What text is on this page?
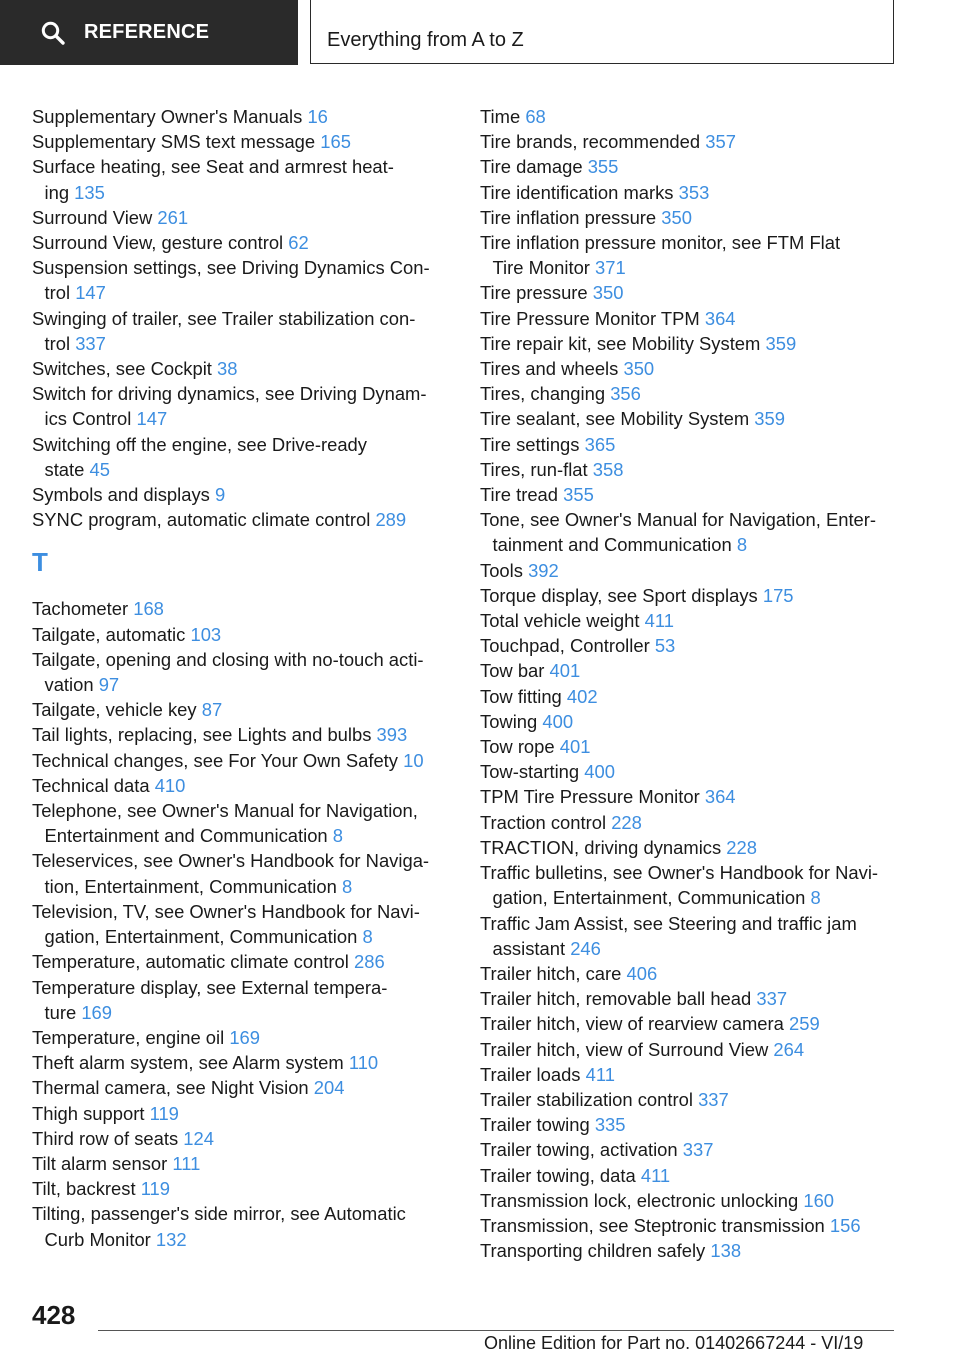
REFERENCE	Everything from A to Z
Supplementary Owner's Manuals 16
Supplementary SMS text message 165
Surface heating, see Seat and armrest heat-
ing 135
Surround View 261
Surround View, gesture control 62
Suspension settings, see Driving Dynamics Con-
trol 147
Swinging of trailer, see Trailer stabilization con-
trol 337
Switches, see Cockpit 38
Switch for driving dynamics, see Driving Dynam-
ics Control 147
Switching off the engine, see Drive-ready
state 45
Symbols and displays 9
SYNC program, automatic climate control 289
T
Tachometer 168
Tailgate, automatic 103
Tailgate, opening and closing with no-touch acti-
vation 97
Tailgate, vehicle key 87
Tail lights, replacing, see Lights and bulbs 393
Technical changes, see For Your Own Safety 10
Technical data 410
Telephone, see Owner's Manual for Navigation,
Entertainment and Communication 8
Teleservices, see Owner's Handbook for Naviga-
tion, Entertainment, Communication 8
Television, TV, see Owner's Handbook for Navi-
gation, Entertainment, Communication 8
Temperature, automatic climate control 286
Temperature display, see External tempera-
ture 169
Temperature, engine oil 169
Theft alarm system, see Alarm system 110
Thermal camera, see Night Vision 204
Thigh support 119
Third row of seats 124
Tilt alarm sensor 111
Tilt, backrest 119
Tilting, passenger's side mirror, see Automatic
Curb Monitor 132
Time 68
Tire brands, recommended 357
Tire damage 355
Tire identification marks 353
Tire inflation pressure 350
Tire inflation pressure monitor, see FTM Flat
Tire Monitor 371
Tire pressure 350
Tire Pressure Monitor TPM 364
Tire repair kit, see Mobility System 359
Tires and wheels 350
Tires, changing 356
Tire sealant, see Mobility System 359
Tire settings 365
Tires, run-flat 358
Tire tread 355
Tone, see Owner's Manual for Navigation, Enter-
tainment and Communication 8
Tools 392
Torque display, see Sport displays 175
Total vehicle weight 411
Touchpad, Controller 53
Tow bar 401
Tow fitting 402
Towing 400
Tow rope 401
Tow-starting 400
TPM Tire Pressure Monitor 364
Traction control 228
TRACTION, driving dynamics 228
Traffic bulletins, see Owner's Handbook for Navi-
gation, Entertainment, Communication 8
Traffic Jam Assist, see Steering and traffic jam
assistant 246
Trailer hitch, care 406
Trailer hitch, removable ball head 337
Trailer hitch, view of rearview camera 259
Trailer hitch, view of Surround View 264
Trailer loads 411
Trailer stabilization control 337
Trailer towing 335
Trailer towing, activation 337
Trailer towing, data 411
Transmission lock, electronic unlocking 160
Transmission, see Steptronic transmission 156
Transporting children safely 138
428
Online Edition for Part no. 01402667244 - VI/19
